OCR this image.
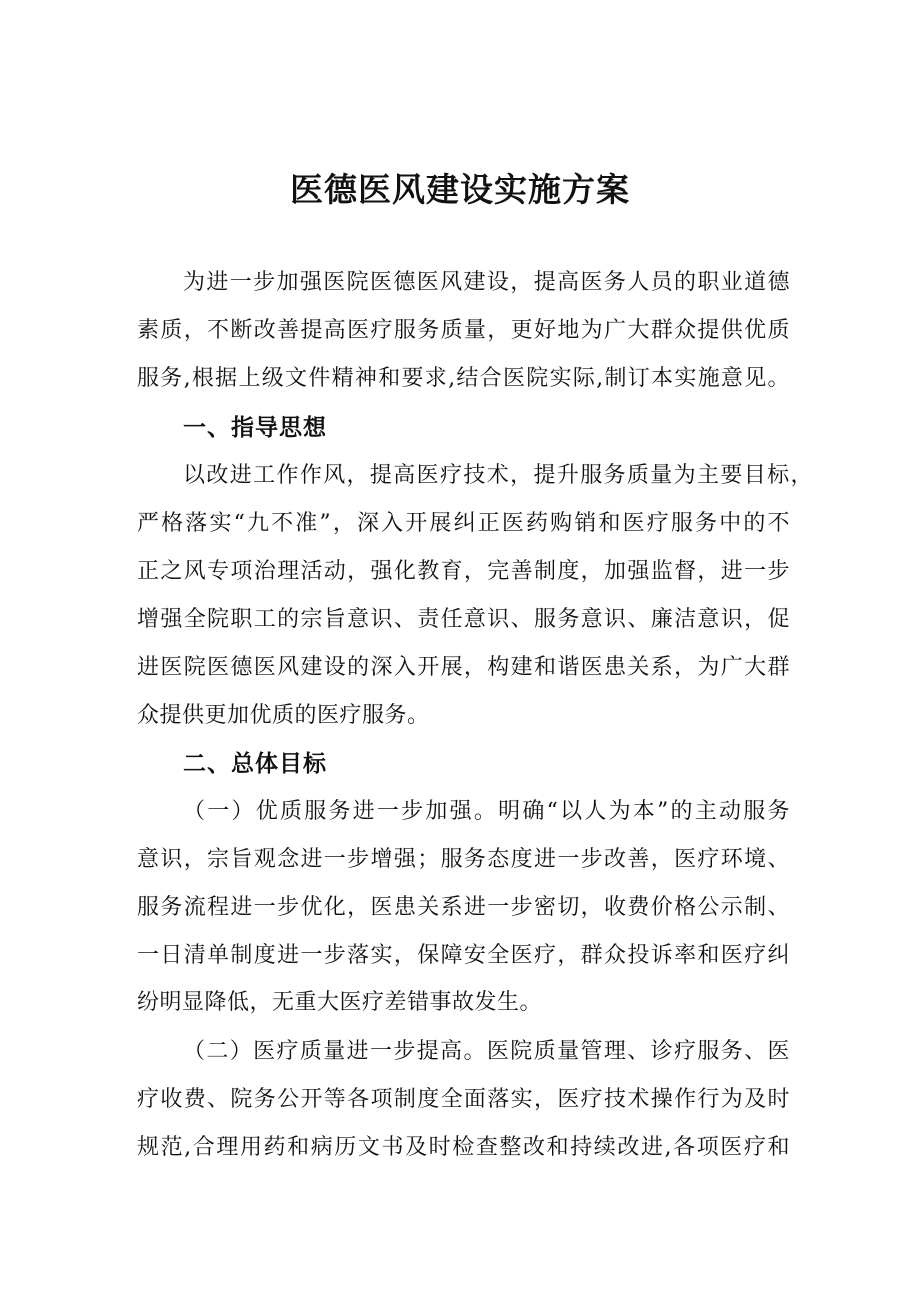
医德医风建设实施方案
为进一步加强医院医德医风建设，提高医务人员的职业道德
素质，不断改善提高医疗服务质量，更好地为广大群众提供优质
服务,根据上级文件精神和要求,结合医院实际,制订本实施意见。
一、指导思想
以改进工作作风，提高医疗技术，提升服务质量为主要目标，
严格落实“九不准”，深入开展纠正医药购销和医疗服务中的不
正之风专项治理活动，强化教育，完善制度，加强监督，进一步
增强全院职工的宗旨意识、责任意识、服务意识、廉洁意识，促
进医院医德医风建设的深入开展，构建和谐医患关系，为广大群
众提供更加优质的医疗服务。
二、总体目标
（一）优质服务进一步加强。明确“以人为本”的主动服务
意识，宗旨观念进一步增强；服务态度进一步改善，医疗环境、
服务流程进一步优化，医患关系进一步密切，收费价格公示制、
一日清单制度进一步落实，保障安全医疗，群众投诉率和医疗纠
纷明显降低，无重大医疗差错事故发生。
（二）医疗质量进一步提高。医院质量管理、诊疗服务、医
疗收费、院务公开等各项制度全面落实，医疗技术操作行为及时
规范,合理用药和病历文书及时检查整改和持续改进,各项医疗和
